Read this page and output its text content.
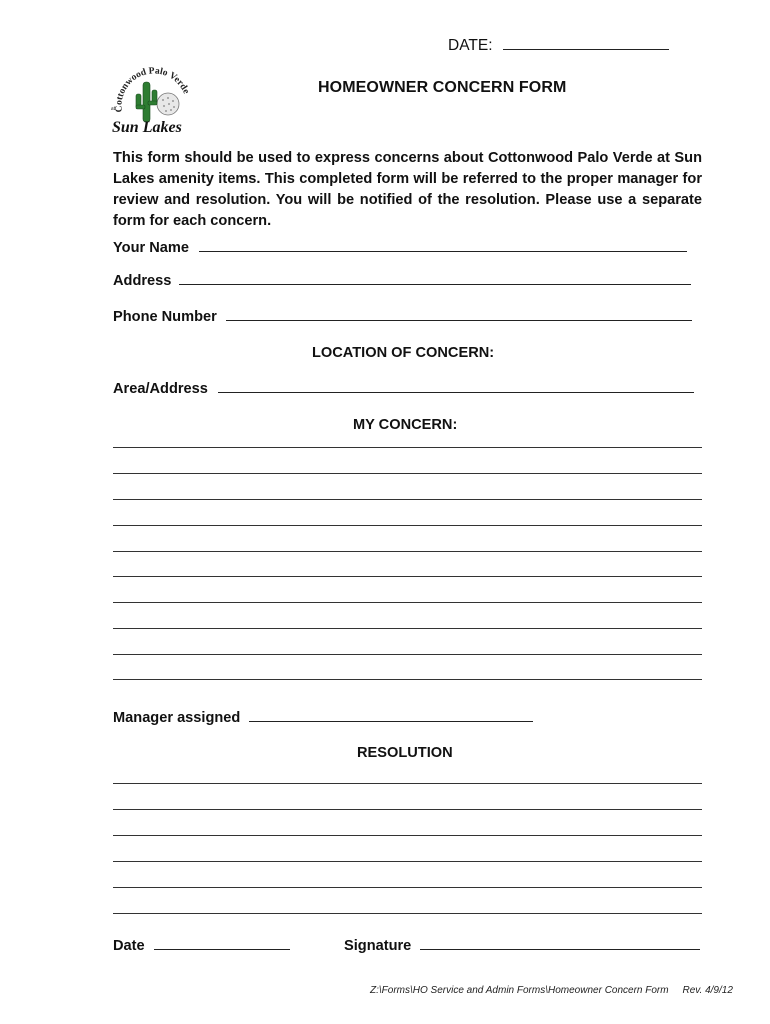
DATE:
HOMEOWNER CONCERN FORM
Cottonwood Palo Verde
at
Sun Lakes
This form should be used to express concerns about Cottonwood Palo Verde at Sun Lakes amenity items. This completed form will be referred to the proper manager for review and resolution. You will be notified of the resolution. Please use a separate form for each concern.
Your Name
Address
Phone Number
LOCATION OF CONCERN:
Area/Address
MY CONCERN:
Manager assigned
RESOLUTION
Date	Signature
Z:\Forms\HO Service and Admin Forms\Homeowner Concern Form     Rev. 4/9/12
